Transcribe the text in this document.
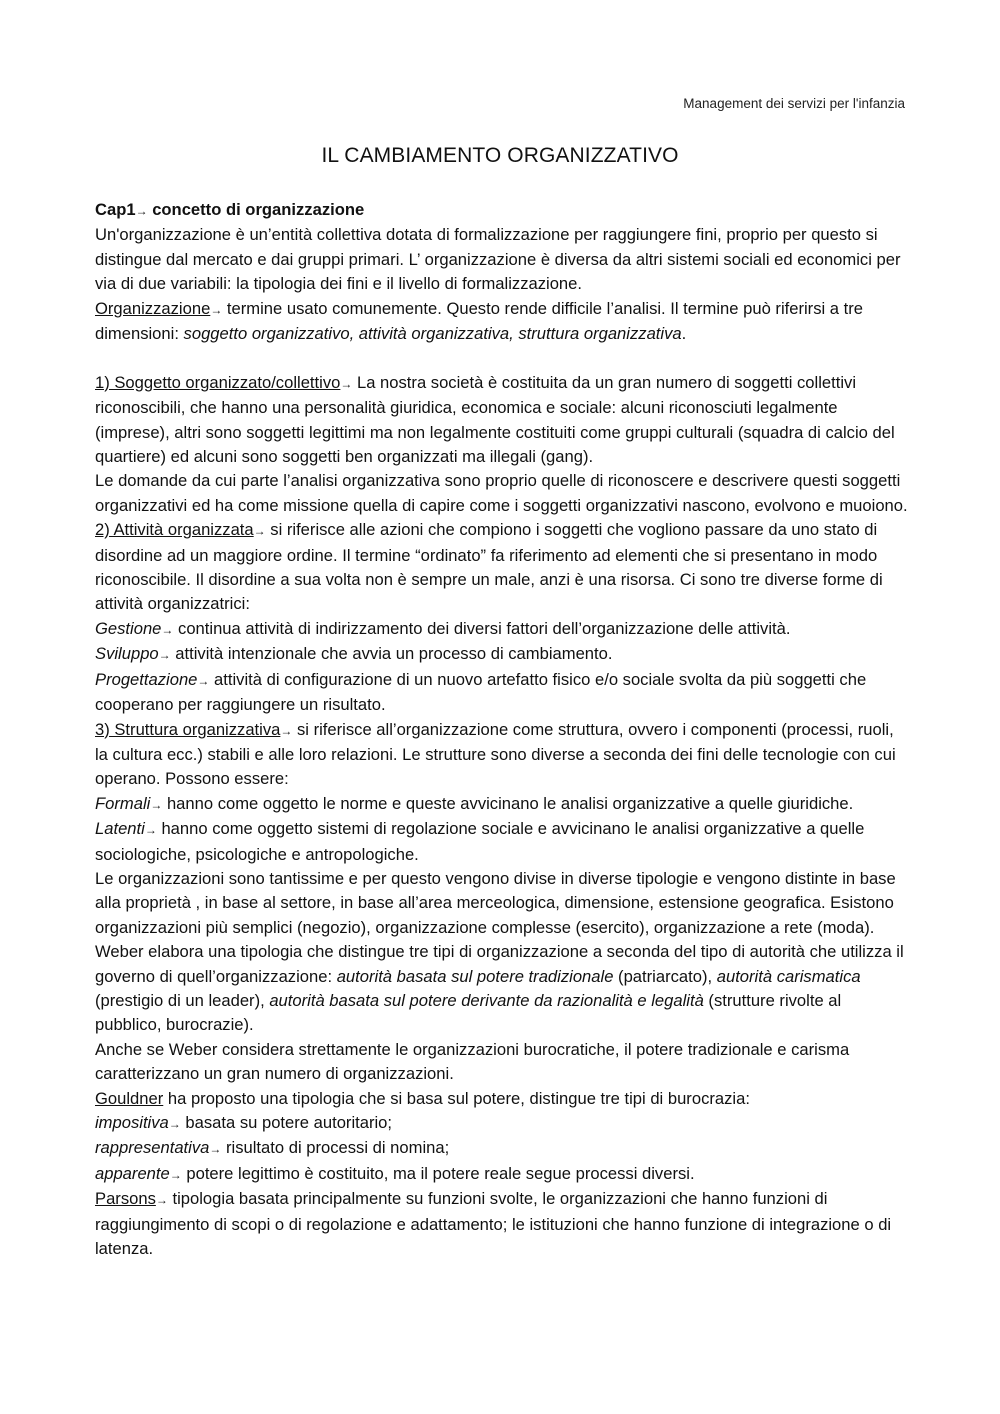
Management dei servizi per l'infanzia
IL CAMBIAMENTO ORGANIZZATIVO

Cap1→ concetto di organizzazione

Un'organizzazione è un’entità collettiva dotata di formalizzazione per raggiungere fini, proprio per questo si distingue dal mercato e dai gruppi primari. L’ organizzazione è diversa da altri sistemi sociali ed economici per via di due variabili: la tipologia dei fini e il livello di formalizzazione.

Organizzazione→ termine usato comunemente. Questo rende difficile l’analisi. Il termine può riferirsi a tre dimensioni: soggetto organizzativo, attività organizzativa, struttura organizzativa.

1) Soggetto organizzato/collettivo→ La nostra società è costituita da un gran numero di soggetti collettivi riconoscibili, che hanno una personalità giuridica, economica e sociale: alcuni riconosciuti legalmente (imprese), altri sono soggetti legittimi ma non legalmente costituiti come gruppi culturali (squadra di calcio del quartiere) ed alcuni sono soggetti ben organizzati ma illegali (gang).

Le domande da cui parte l’analisi organizzativa sono proprio quelle di riconoscere e descrivere questi soggetti organizzativi ed ha come missione quella di capire come i soggetti organizzativi nascono, evolvono e muoiono.

2) Attività organizzata→ si riferisce alle azioni che compiono i soggetti che vogliono passare da uno stato di disordine ad un maggiore ordine. Il termine “ordinato” fa riferimento ad elementi che si presentano in modo riconoscibile. Il disordine a sua volta non è sempre un male, anzi è una risorsa. Ci sono tre diverse forme di attività organizzatrici:

Gestione→ continua attività di indirizzamento dei diversi fattori dell’organizzazione delle attività.

Sviluppo→ attività intenzionale che avvia un processo di cambiamento.

Progettazione→ attività di configurazione di un nuovo artefatto fisico e/o sociale svolta da più soggetti che cooperano per raggiungere un risultato.

3) Struttura organizzativa→ si riferisce all’organizzazione come struttura, ovvero i componenti (processi, ruoli, la cultura ecc.) stabili e alle loro relazioni. Le strutture sono diverse a seconda dei fini delle tecnologie con cui operano. Possono essere:

Formali→ hanno come oggetto le norme e queste avvicinano le analisi organizzative a quelle giuridiche.

Latenti→ hanno come oggetto sistemi di regolazione sociale e avvicinano le analisi organizzative a quelle sociologiche, psicologiche e antropologiche.

Le organizzazioni sono tantissime e per questo vengono divise in diverse tipologie e vengono distinte in base alla proprietà , in base al settore, in base all’area merceologica, dimensione, estensione geografica. Esistono organizzazioni più semplici (negozio), organizzazione complesse (esercito), organizzazione a rete (moda).

Weber elabora una tipologia che distingue tre tipi di organizzazione a seconda del tipo di autorità che utilizza il governo di quell’organizzazione: autorità basata sul potere tradizionale (patriarcato), autorità carismatica (prestigio di un leader), autorità basata sul potere derivante da razionalità e legalità (strutture rivolte al pubblico, burocrazie).

Anche se Weber considera strettamente le organizzazioni burocratiche, il potere tradizionale e carisma caratterizzano un gran numero di organizzazioni.

Gouldner ha proposto una tipologia che si basa sul potere, distingue tre tipi di burocrazia:

impositiva→ basata su potere autoritario;

rappresentativa→ risultato di processi di nomina;

apparente→ potere legittimo è costituito, ma il potere reale segue processi diversi.

Parsons→ tipologia basata principalmente su funzioni svolte, le organizzazioni che hanno funzioni di raggiungimento di scopi o di regolazione e adattamento; le istituzioni che hanno funzione di integrazione o di latenza.
